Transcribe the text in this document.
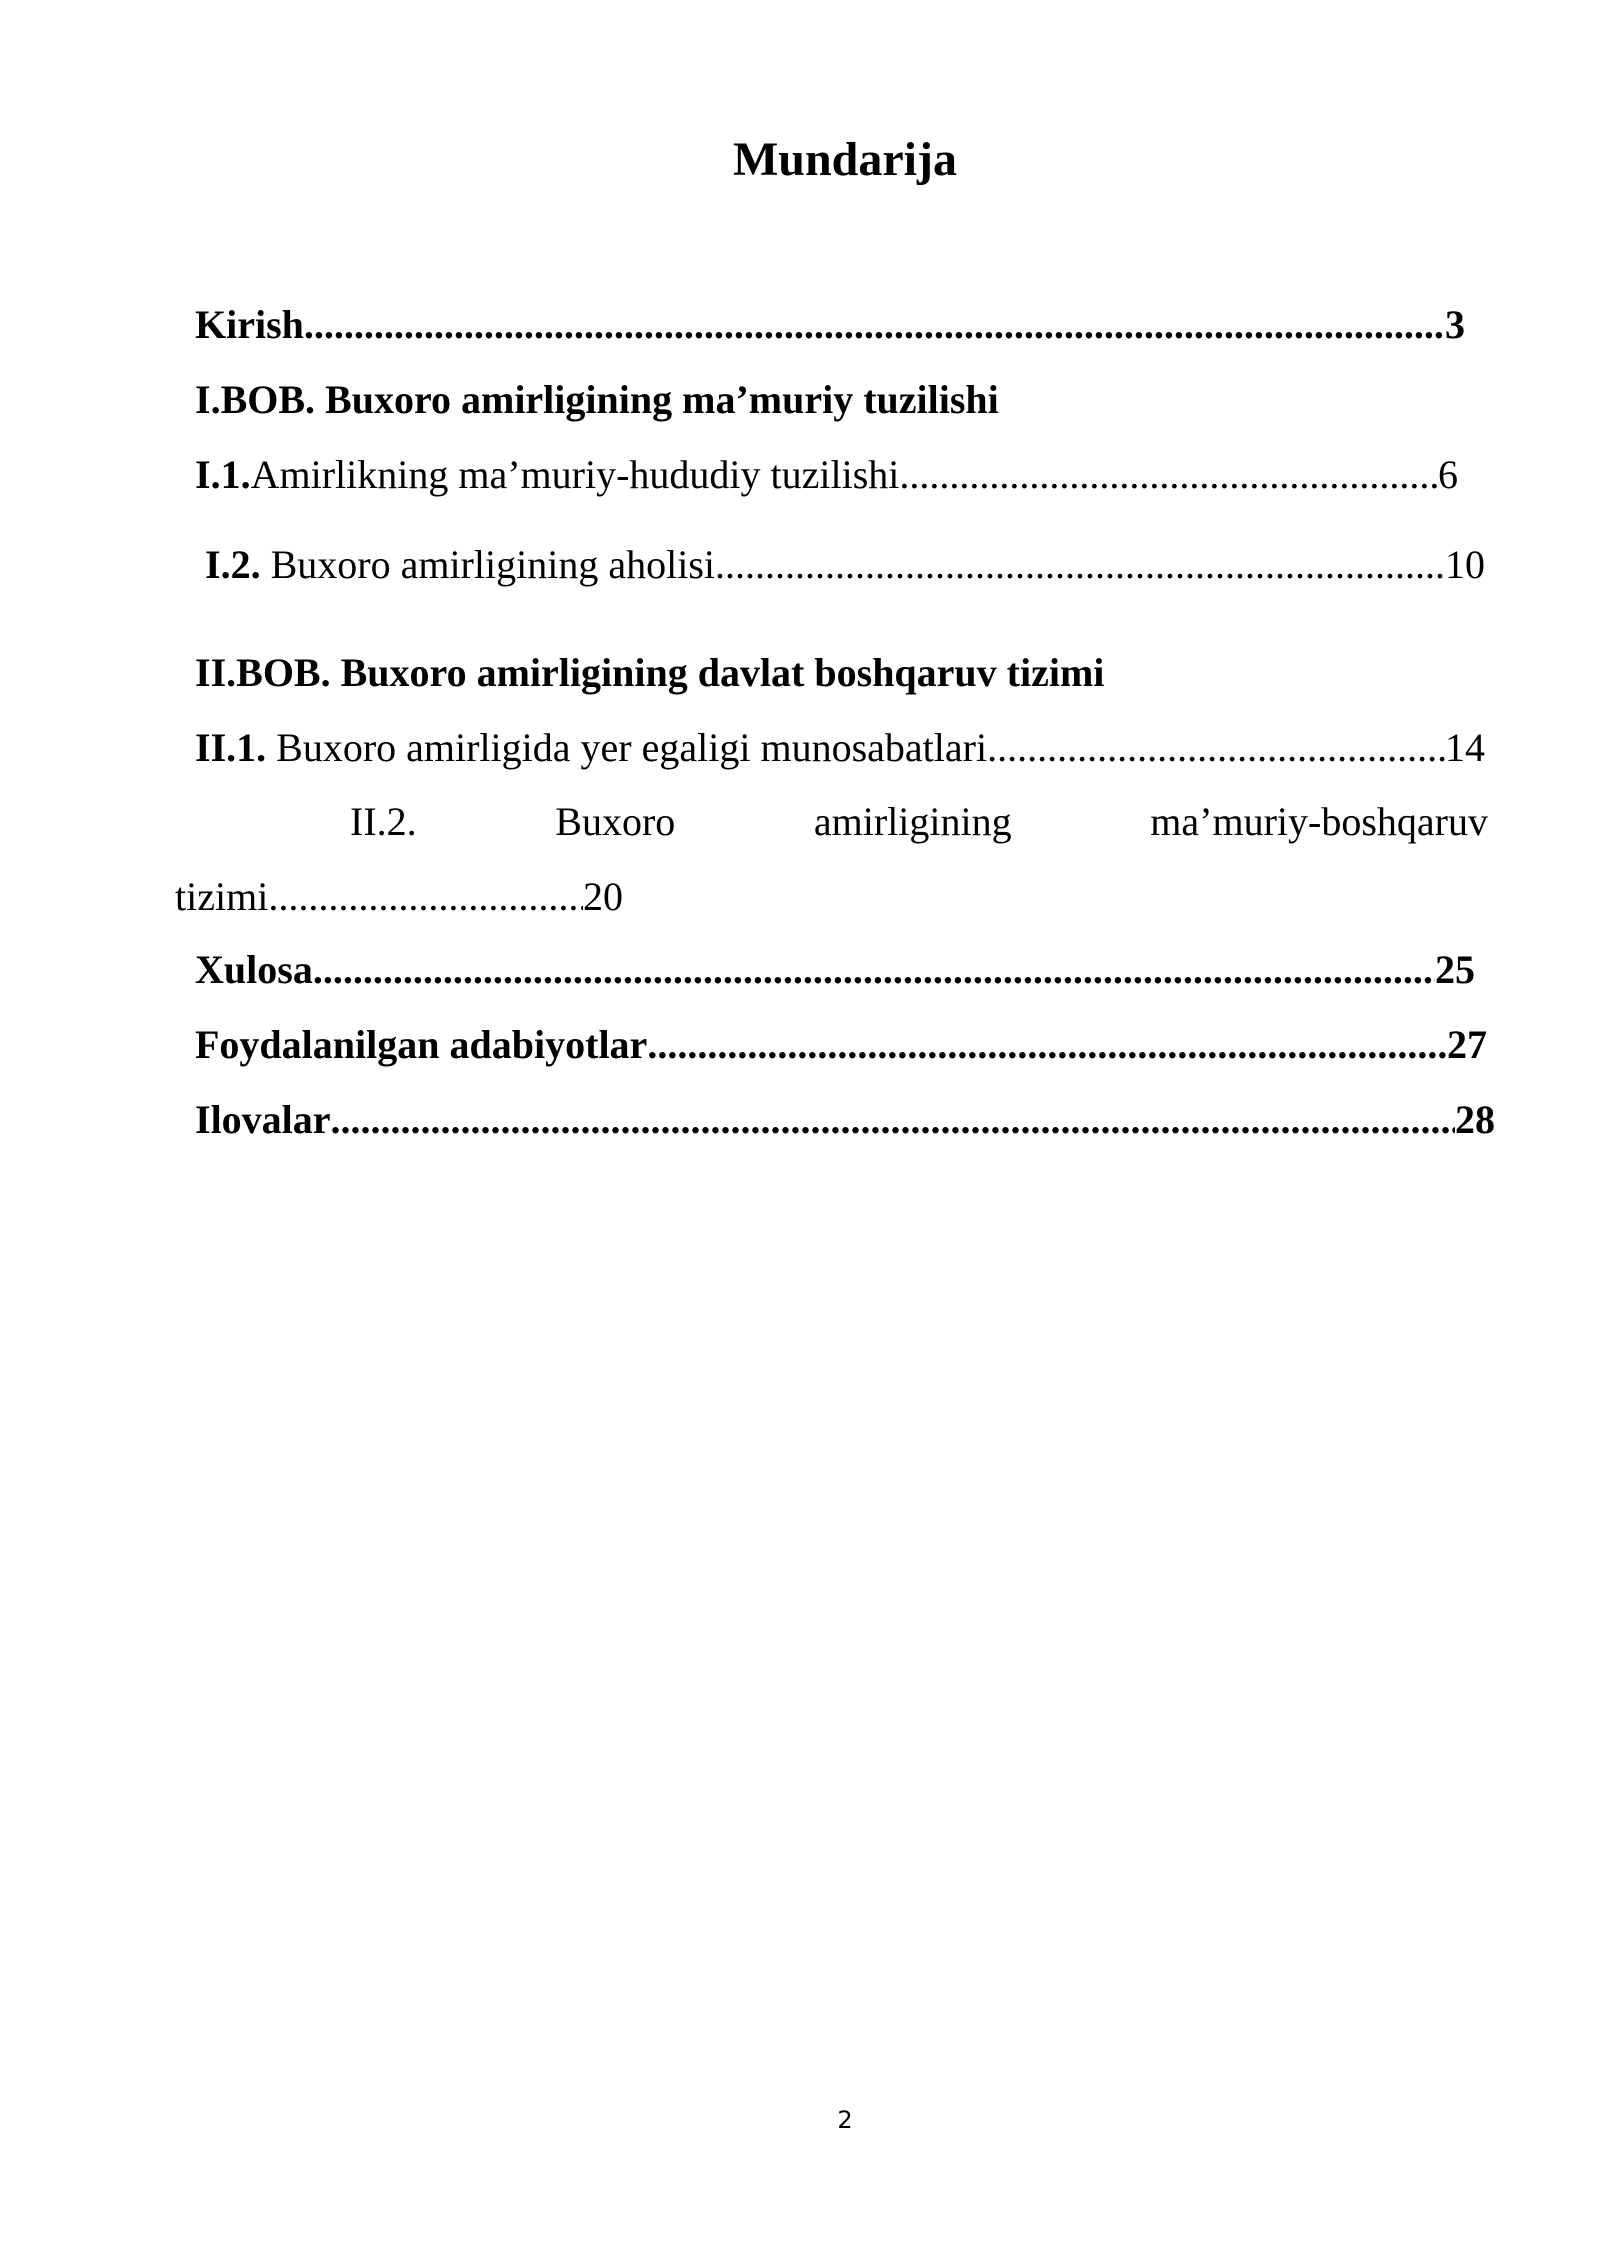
Mundarija
Kirish .....	3
I.BOB. Buxoro amirligining ma’muriy tuzilishi
I.1. Amirlikning ma’muriy-hududiy tuzilishi .....	6
I.2. Buxoro amirligining aholisi .....	10
II.BOB. Buxoro amirligining davlat boshqaruv tizimi
II.1. Buxoro amirligida yer egaligi munosabatlari .....	14
II.2.	Buxoro	amirligining	ma’muriy-boshqaruv
tizimi .....	20
Xulosa .....	25
Foydalanilgan adabiyotlar .....	27
Ilovalar .....	28
2
